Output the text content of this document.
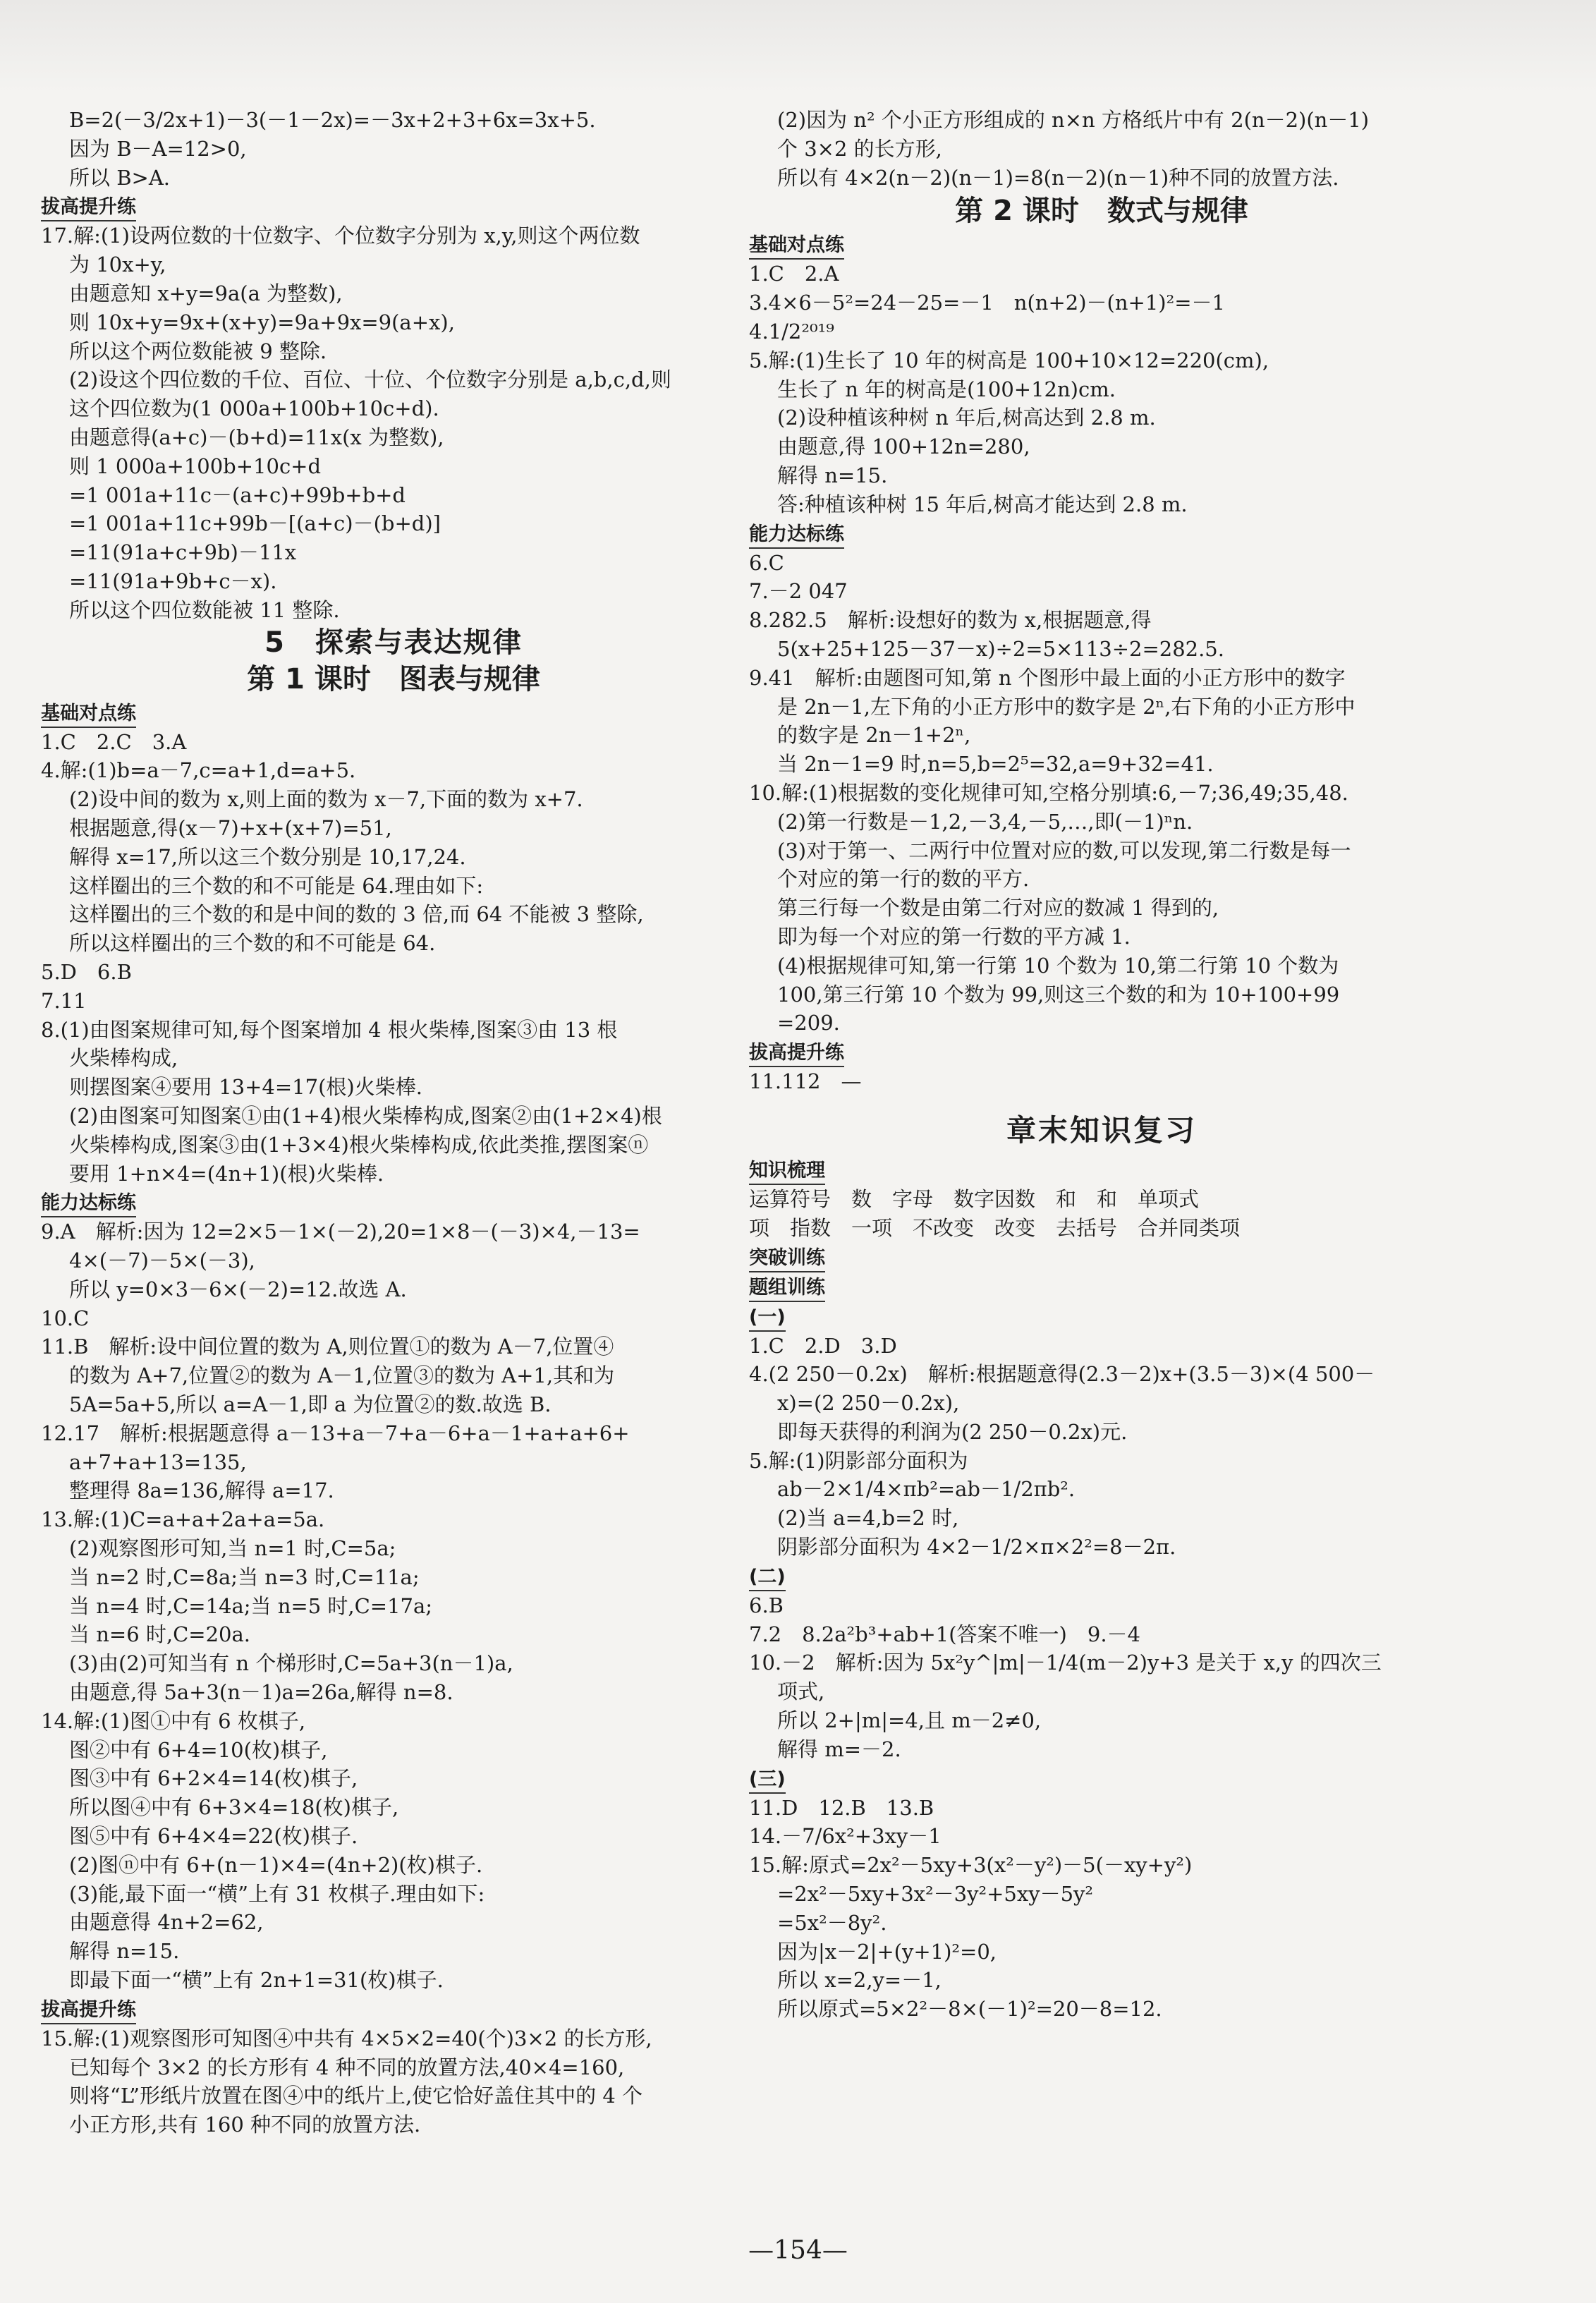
B=2(－3/2x+1)－3(－1－2x)=－3x+2+3+6x=3x+5.
因为 B－A=12>0,
所以 B>A.
拔高提升练
17.解:(1)设两位数的十位数字、个位数字分别为 x,y,则这个两位数
为 10x+y,
由题意知 x+y=9a(a 为整数),
则 10x+y=9x+(x+y)=9a+9x=9(a+x),
所以这个两位数能被 9 整除.
(2)设这个四位数的千位、百位、十位、个位数字分别是 a,b,c,d,则
这个四位数为(1 000a+100b+10c+d).
由题意得(a+c)－(b+d)=11x(x 为整数),
则 1 000a+100b+10c+d
=1 001a+11c－(a+c)+99b+b+d
=1 001a+11c+99b－[(a+c)－(b+d)]
=11(91a+c+9b)－11x
=11(91a+9b+c－x).
所以这个四位数能被 11 整除.
5　探索与表达规律
第 1 课时　图表与规律
基础对点练
1.C　2.C　3.A
4.解:(1)b=a－7,c=a+1,d=a+5.
(2)设中间的数为 x,则上面的数为 x－7,下面的数为 x+7.
根据题意,得(x－7)+x+(x+7)=51,
解得 x=17,所以这三个数分别是 10,17,24.
这样圈出的三个数的和不可能是 64.理由如下:
这样圈出的三个数的和是中间的数的 3 倍,而 64 不能被 3 整除,
所以这样圈出的三个数的和不可能是 64.
5.D　6.B
7.11
8.(1)由图案规律可知,每个图案增加 4 根火柴棒,图案③由 13 根
火柴棒构成,
则摆图案④要用 13+4=17(根)火柴棒.
(2)由图案可知图案①由(1+4)根火柴棒构成,图案②由(1+2×4)根
火柴棒构成,图案③由(1+3×4)根火柴棒构成,依此类推,摆图案ⓝ
要用 1+n×4=(4n+1)(根)火柴棒.
能力达标练
9.A　解析:因为 12=2×5－1×(－2),20=1×8－(－3)×4,－13=
4×(－7)－5×(－3),
所以 y=0×3－6×(－2)=12.故选 A.
10.C
11.B　解析:设中间位置的数为 A,则位置①的数为 A－7,位置④
的数为 A+7,位置②的数为 A－1,位置③的数为 A+1,其和为
5A=5a+5,所以 a=A－1,即 a 为位置②的数.故选 B.
12.17　解析:根据题意得 a－13+a－7+a－6+a－1+a+a+6+
a+7+a+13=135,
整理得 8a=136,解得 a=17.
13.解:(1)C=a+a+2a+a=5a.
(2)观察图形可知,当 n=1 时,C=5a;
当 n=2 时,C=8a;当 n=3 时,C=11a;
当 n=4 时,C=14a;当 n=5 时,C=17a;
当 n=6 时,C=20a.
(3)由(2)可知当有 n 个梯形时,C=5a+3(n－1)a,
由题意,得 5a+3(n－1)a=26a,解得 n=8.
14.解:(1)图①中有 6 枚棋子,
图②中有 6+4=10(枚)棋子,
图③中有 6+2×4=14(枚)棋子,
所以图④中有 6+3×4=18(枚)棋子,
图⑤中有 6+4×4=22(枚)棋子.
(2)图ⓝ中有 6+(n－1)×4=(4n+2)(枚)棋子.
(3)能,最下面一“横”上有 31 枚棋子.理由如下:
由题意得 4n+2=62,
解得 n=15.
即最下面一“横”上有 2n+1=31(枚)棋子.
拔高提升练
15.解:(1)观察图形可知图④中共有 4×5×2=40(个)3×2 的长方形,
已知每个 3×2 的长方形有 4 种不同的放置方法,40×4=160,
则将“L”形纸片放置在图④中的纸片上,使它恰好盖住其中的 4 个
小正方形,共有 160 种不同的放置方法.
(2)因为 n² 个小正方形组成的 n×n 方格纸片中有 2(n－2)(n－1)
个 3×2 的长方形,
所以有 4×2(n－2)(n－1)=8(n－2)(n－1)种不同的放置方法.
第 2 课时　数式与规律
基础对点练
1.C　2.A
3.4×6－5²=24－25=－1　n(n+2)－(n+1)²=－1
4.1/2²⁰¹⁹
5.解:(1)生长了 10 年的树高是 100+10×12=220(cm),
生长了 n 年的树高是(100+12n)cm.
(2)设种植该种树 n 年后,树高达到 2.8 m.
由题意,得 100+12n=280,
解得 n=15.
答:种植该种树 15 年后,树高才能达到 2.8 m.
能力达标练
6.C
7.－2 047
8.282.5　解析:设想好的数为 x,根据题意,得
5(x+25+125－37－x)÷2=5×113÷2=282.5.
9.41　解析:由题图可知,第 n 个图形中最上面的小正方形中的数字
是 2n－1,左下角的小正方形中的数字是 2ⁿ,右下角的小正方形中
的数字是 2n－1+2ⁿ,
当 2n－1=9 时,n=5,b=2⁵=32,a=9+32=41.
10.解:(1)根据数的变化规律可知,空格分别填:6,－7;36,49;35,48.
(2)第一行数是－1,2,－3,4,－5,…,即(－1)ⁿn.
(3)对于第一、二两行中位置对应的数,可以发现,第二行数是每一
个对应的第一行的数的平方.
第三行每一个数是由第二行对应的数减 1 得到的,
即为每一个对应的第一行数的平方减 1.
(4)根据规律可知,第一行第 10 个数为 10,第二行第 10 个数为
100,第三行第 10 个数为 99,则这三个数的和为 10+100+99
=209.
拔高提升练
11.112　—
章末知识复习
知识梳理
运算符号　数　字母　数字因数　和　和　单项式
项　指数　一项　不改变　改变　去括号　合并同类项
突破训练
题组训练
(一)
1.C　2.D　3.D
4.(2 250－0.2x)　解析:根据题意得(2.3－2)x+(3.5－3)×(4 500－
x)=(2 250－0.2x),
即每天获得的利润为(2 250－0.2x)元.
5.解:(1)阴影部分面积为
ab－2×1/4×πb²=ab－1/2πb².
(2)当 a=4,b=2 时,
阴影部分面积为 4×2－1/2×π×2²=8－2π.
(二)
6.B
7.2　8.2a²b³+ab+1(答案不唯一)　9.－4
10.－2　解析:因为 5x²y^|m|－1/4(m－2)y+3 是关于 x,y 的四次三
项式,
所以 2+|m|=4,且 m－2≠0,
解得 m=－2.
(三)
11.D　12.B　13.B
14.－7/6x²+3xy－1
15.解:原式=2x²－5xy+3(x²－y²)－5(－xy+y²)
=2x²－5xy+3x²－3y²+5xy－5y²
=5x²－8y².
因为|x－2|+(y+1)²=0,
所以 x=2,y=－1,
所以原式=5×2²－8×(－1)²=20－8=12.
—154—
